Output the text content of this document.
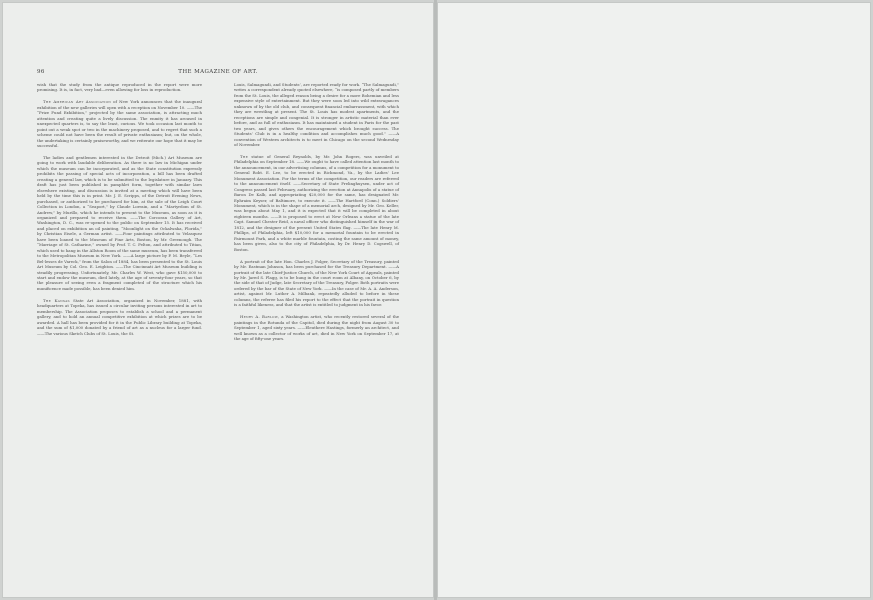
96	THE MAGAZINE OF ART.

wish that the study from the antique reproduced in the report were more promising. It is, in fact, very bad—even allowing for loss in reproduction.

The American Art Association of New York announces that the inaugural exhibition of the new galleries will open with a reception on November 10. ——The “Prize Fund Exhibition,” projected by the same association, is attracting much attention and creating quite a lively discussion. The enmity it has aroused in unexpected quarters is, to say the least, curious. We took occasion last month to point out a weak spot or two in the machinery proposed, and to regret that such a scheme could not have been the result of private enthusiasm; but, on the whole, the undertaking is certainly praiseworthy, and we reiterate our hope that it may be successful.

The ladies and gentlemen interested in the Detroit (Mich.) Art Museum are going to work with laudable deliberation. As there is no law in Michigan under which the museum can be incorporated, and as the State constitution expressly prohibits the passing of special acts of incorporation, a bill has been drafted creating a general law, which is to be submitted to the legislature in January. This draft has just been published in pamphlet form, together with similar laws elsewhere existing, and discussion is invited at a meeting which will have been held by the time this is in print. Mr. J. E. Scripps, of the Detroit Evening News, purchased, or authorized to be purchased for him, at the sale of the Leigh Court Collection in London, a “Seaport,” by Claude Lorrain, and a “Martyrdom of St. Andrew,” by Murillo, which he intends to present to the Museum, as soon as it is organized and prepared to receive them. ——The Corcoran Gallery of Art, Washington, D. C., was re-opened to the public on September 15. It has received and placed on exhibition an oil painting, “Moonlight on the Ockalwaha, Florida,” by Christian Eisele, a German artist. ——Four paintings attributed to Velasquez have been loaned to the Museum of Fine Arts, Boston, by Mr. Greenough. The “Marriage of St. Catharine,” owned by Prof. T. C. Felton, and attributed to Titian, which used to hang in the Allston Room of the same museum, has been transferred to the Metropolitan Museum in New York. ——A large picture by P. M. Beyle, “Les Bel-lesses de Vareck,” from the Salon of 1884, has been presented to the St. Louis Art Museum by Col. Geo. E. Leighton. ——The Cincinnati Art Museum building is steadily progressing. Unfortunately, Mr. Charles W. West, who gave $150,000 to start and endow the museum, died lately, at the age of seventy-four years, so that the pleasure of seeing even a fragment completed of the structure which his munificence made possible, has been denied him.

The Kansas State Art Association, organized in November, 1881, with headquarters at Topeka, has issued a circular inviting persons interested in art to membership. The Association proposes to establish a school and a permanent gallery, and to hold an annual competitive exhibition at which prizes are to be awarded. A hall has been provided for it in the Public Library building at Topeka, and the sum of $1,000 donated by a friend of art as a nucleus for a larger fund. ——The various Sketch Clubs of St. Louis, the St.

Louis, Salmagundi, and Students’, are reported ready for work. “The Salmagundi,” writes a correspondent already quoted elsewhere, “is composed partly of members from the St. Louis, the alleged reason being a desire for a more Bohemian and less expensive style of entertainment. But they were soon led into wild extravagances unknown of by the old club, and consequent financial embarrassment, with which they are wrestling at present. The St. Louis has modest apartments, and the receptions are simple and congenial. It is stronger in artistic material than ever before, and as full of enthusiasm. It has maintained a student in Paris for the past two years, and gives others the encouragement which brought success. The Students’ Club is in a healthy condition and accomplishes much good.” ——A convention of Western architects is to meet in Chicago on the second Wednesday of November.

The statue of General Reynolds, by Mr. John Rogers, was unveiled at Philadelphia on September 18. ——We ought to have called attention last month to the announcement, in our advertising columns, of a competition for a monument to General Robt. E. Lee, to be erected in Richmond, Va., by the Ladies’ Lee Monument Association. For the terms of the competition, our readers are referred to the announcement itself. ——Secretary of State Frelinghuysen, under act of Congress passed last February, authorizing the erection at Annapolis of a statue of Baron De Kalb, and appropriating $20,000 for the same, has designated Mr. Ephraim Keyser, of Baltimore, to execute it. ——The Hartford (Conn.) Soldiers’ Monument, which is in the shape of a memorial arch, designed by Mr. Geo. Keller, was begun about May 1, and it is expected that it will be completed in about eighteen months. ——It is proposed to erect at New Orleans a statue of the late Capt. Samuel Chester Reid, a naval officer who distinguished himself in the war of 1812, and the designer of the present United States flag. ——The late Henry M. Phillips, of Philadelphia, left $10,000 for a memorial fountain to be erected in Fairmount Park, and a white marble fountain, costing the same amount of money, has been given, also to the city of Philadelphia, by Dr. Henry D. Cogswell, of Boston.

A portrait of the late Hon. Charles J. Folger, Secretary of the Treasury, painted by Mr. Eastman Johnson, has been purchased for the Treasury Department. ——A portrait of the late Chief-Justice Church, of the New York Court of Appeals, painted by Mr. Jared S. Flagg, is to be hung in the court room at Albany, on October 6, by the side of that of Judge, late Secretary of the Treasury, Folger. Both portraits were ordered by the bar of the State of New York. ——In the case of Mr. A. A. Anderson, artist, against Mr. Luther A. Milbank, repeatedly alluded to before in these columns, the referee has filed his report to the effect that the portrait in question is a faithful likeness, and that the artist is entitled to judgment in his favor.

Henry A. Barlow, a Washington artist, who recently restored several of the paintings in the Rotunda of the Capitol, died during the night from August 30 to September 1, aged sixty years. ——Eleuthere Hastings, formerly an architect, and well known as a collector of works of art, died in New York on September 17, at the age of fifty-one years.
